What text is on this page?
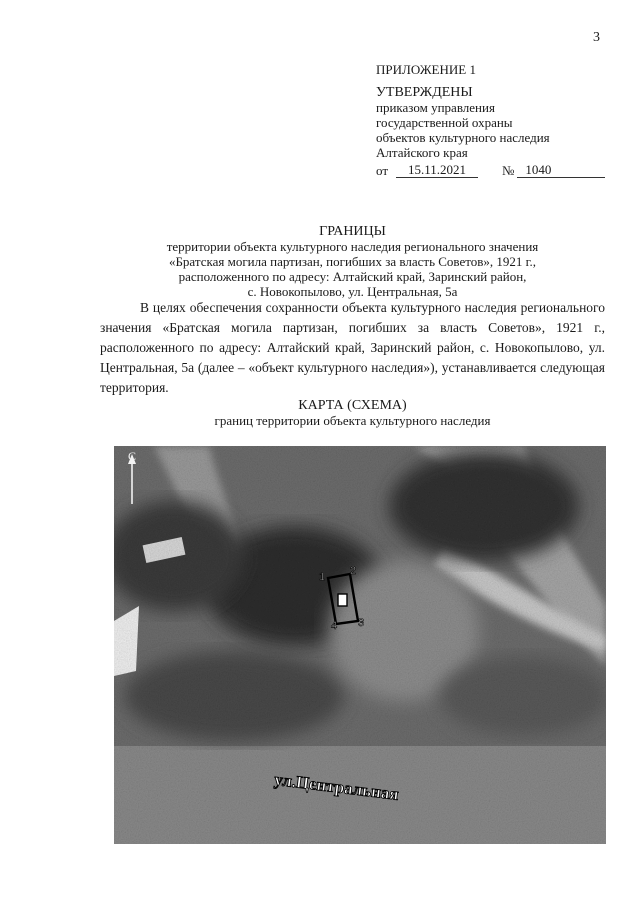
3
ПРИЛОЖЕНИЕ 1
УТВЕРЖДЕНЫ
приказом управления
государственной охраны
объектов культурного наследия
Алтайского края
от	15.11.2021	№ 1040
ГРАНИЦЫ
территории объекта культурного наследия регионального значения
«Братская могила партизан, погибших за власть Советов», 1921 г.,
расположенного по адресу: Алтайский край, Заринский район,
с. Новокопылово, ул. Центральная, 5а
В целях обеспечения сохранности объекта культурного наследия регионального значения «Братская могила партизан, погибших за власть Советов», 1921 г., расположенного по адресу: Алтайский край, Заринский район, с. Новокопылово, ул. Центральная, 5а (далее – «объект культурного наследия»), устанавливается следующая территория.
КАРТА (СХЕМА)
границ территории объекта культурного наследия
С
1 2
3
4
ул.Центральная
